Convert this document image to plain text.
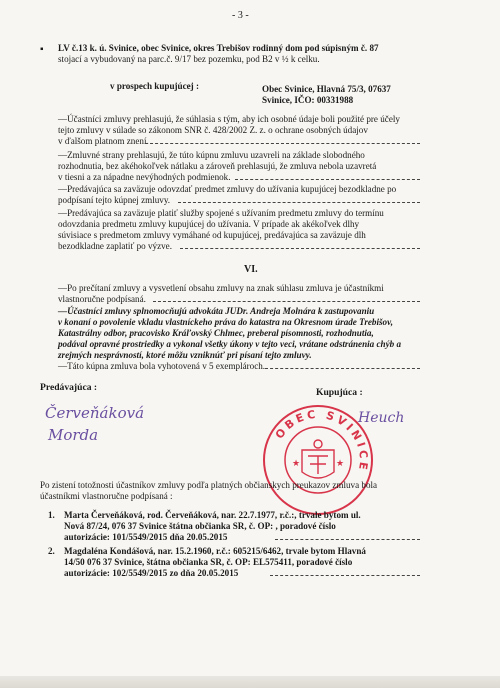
- 3 -
▪ LV č.13 k. ú. Svinice, obec Svinice, okres Trebišov rodinný dom pod súpisným č. 87
stojací a vybudovaný na parc.č. 9/17 bez pozemku, pod B2 v ½ k celku.
v prospech kupujúcej :	Obec Svinice, Hlavná 75/3, 07637
Svinice, IČO: 00331988
—Účastníci zmluvy prehlasujú, že súhlasia s tým, aby ich osobné údaje boli použité pre účely
tejto zmluvy v súlade so zákonom SNR č. 428/2002 Z. z. o ochrane osobných údajov
v ďalšom platnom znení.
—Zmluvné strany prehlasujú, že túto kúpnu zmluvu uzavreli na základe slobodného
rozhodnutia, bez akéhokoľvek nátlaku a zároveň prehlasujú, že zmluva nebola uzavretá
v tiesni a za nápadne nevýhodných podmienok.
—Predávajúca sa zaväzuje odovzdať predmet zmluvy do užívania kupujúcej bezodkladne po
podpísaní tejto kúpnej zmluvy.
—Predávajúca sa zaväzuje platiť služby spojené s užívaním predmetu zmluvy do termínu
odovzdania predmetu zmluvy kupujúcej do užívania. V prípade ak akékoľvek dlhy
súvisiace s predmetom zmluvy vymáhané od kupujúcej, predávajúca sa zaväzuje dlh
bezodkladne zaplatiť po výzve.
VI.
—Po prečítaní zmluvy a vysvetlení obsahu zmluvy na znak súhlasu zmluva je účastníkmi
vlastnoručne podpísaná.
—Účastníci zmluvy splnomocňujú advokáta JUDr. Andreja Molnára k zastupovaniu
v konaní o povolenie vkladu vlastníckeho práva do katastra na Okresnom úrade Trebišov,
Katastrálny odbor, pracovisko Kráľovský Chlmec, preberal písomnosti, rozhodnutia,
podával opravné prostriedky a vykonal všetky úkony v tejto veci, vrátane odstránenia chýb a
zrejmých nesprávností, ktoré môžu vzniknúť pri písaní tejto zmluvy.
—Táto kúpna zmluva bola vyhotovená v 5 exemplároch.
Predávajúca :	Kupujúca :
Červeňáková
Morda
Heuch
OBEC SVINICE
★	★
Po zistení totožnosti účastníkov zmluvy podľa platných občianskych preukazov zmluva bola
účastníkmi vlastnoručne podpísaná :
1. Marta Červeňáková, rod. Červeňáková, nar. 22.7.1977, r.č.:, trvale bytom ul.
Nová 87/24, 076 37 Svinice štátna občianka SR, č. OP: , poradové číslo
autorizácie: 101/5549/2015 dňa 20.05.2015
2. Magdaléna Kondášová, nar. 15.2.1960, r.č.: 605215/6462, trvale bytom Hlavná
14/50 076 37 Svinice, štátna občianka SR, č. OP: EL575411, poradové číslo
autorizácie: 102/5549/2015 zo dňa 20.05.2015
